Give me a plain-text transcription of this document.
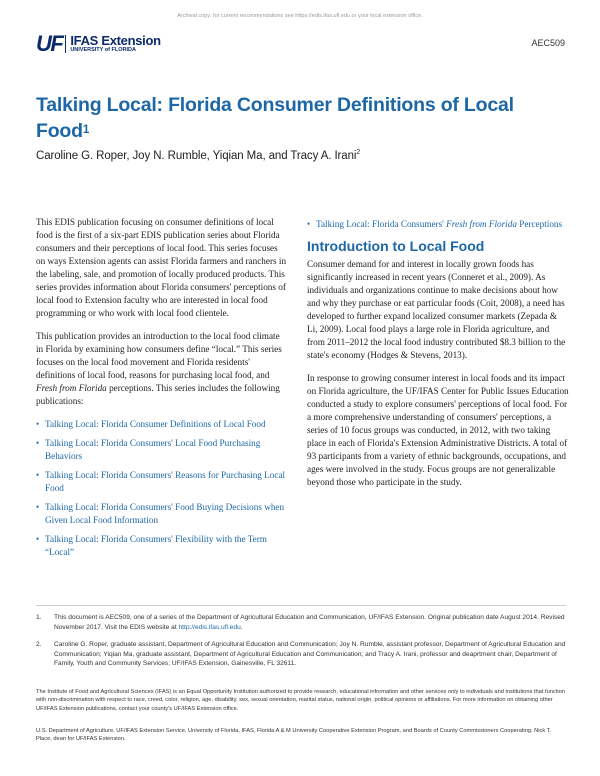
Archival copy: for current recommendations see https://edis.ifas.ufl.edu or your local extension office.
UF IFAS Extension
UNIVERSITY of FLORIDA
AEC509
Talking Local: Florida Consumer Definitions of Local Food$^1$
Caroline G. Roper, Joy N. Rumble, Yiqian Ma, and Tracy A. Irani$^2$

This EDIS publication focusing on consumer definitions of local food is the first of a six-part EDIS publication series about Florida consumers and their perceptions of local food. This series focuses on ways Extension agents can assist Florida farmers and ranchers in the labeling, sale, and promotion of locally produced products. This series provides information about Florida consumers' perceptions of local food to Extension faculty who are interested in local food programming or who work with local food clientele.

This publication provides an introduction to the local food climate in Florida by examining how consumers define “local.” This series focuses on the local food movement and Florida residents' definitions of local food, reasons for purchasing local food, and Fresh from Florida perceptions. This series includes the following publications:

• Talking Local: Florida Consumer Definitions of Local Food
• Talking Local: Florida Consumers' Local Food Purchasing Behaviors
• Talking Local: Florida Consumers' Reasons for Purchasing Local Food
• Talking Local: Florida Consumers' Food Buying Decisions when Given Local Food Information
• Talking Local: Florida Consumers' Flexibility with the Term “Local”
• Talking Local: Florida Consumers' Fresh from Florida Perceptions
Introduction to Local Food

Consumer demand for and interest in locally grown foods has significantly increased in recent years (Conneret et al., 2009). As individuals and organizations continue to make decisions about how and why they purchase or eat particular foods (Coit, 2008), a need has developed to further expand localized consumer markets (Zepada & Li, 2009). Local food plays a large role in Florida agriculture, and from 2011–2012 the local food industry contributed $8.3 billion to the state's economy (Hodges & Stevens, 2013).

In response to growing consumer interest in local foods and its impact on Florida agriculture, the UF/IFAS Center for Public Issues Education conducted a study to explore consumers' perceptions of local food. For a more comprehensive understanding of consumers' perceptions, a series of 10 focus groups was conducted, in 2012, with two taking place in each of Florida's Extension Administrative Districts. A total of 93 participants from a variety of ethnic backgrounds, occupations, and ages were involved in the study. Focus groups are not generalizable beyond those who participate in the study.

1.	This document is AEC509, one of a series of the Department of Agricultural Education and Communication, UF/IFAS Extension. Original publication date August 2014. Revised November 2017. Visit the EDIS website at http://edis.ifas.ufl.edu.
2.	Caroline G. Roper, graduate assistant, Department of Agricultural Education and Communication; Joy N. Rumble, assistant professor, Department of Agricultural Education and Communication; Yiqian Ma, graduate assistant, Department of Agricultural Education and Communication; and Tracy A. Irani, professor and deaprtment chair, Department of Family, Youth and Community Services; UF/IFAS Extension, Gainesville, FL 32611.
The Institute of Food and Agricultural Sciences (IFAS) is an Equal Opportunity Institution authorized to provide research, educational information and other services only to individuals and institutions that function with non-discrimination with respect to race, creed, color, religion, age, disability, sex, sexual orientation, marital status, national origin, political opinions or affiliations. For more information on obtaining other UF/IFAS Extension publications, contact your county's UF/IFAS Extension office.
U.S. Department of Agriculture, UF/IFAS Extension Service, University of Florida, IFAS, Florida A & M University Cooperative Extension Program, and Boards of County Commissioners Cooperating. Nick T. Place, dean for UF/IFAS Extension.
